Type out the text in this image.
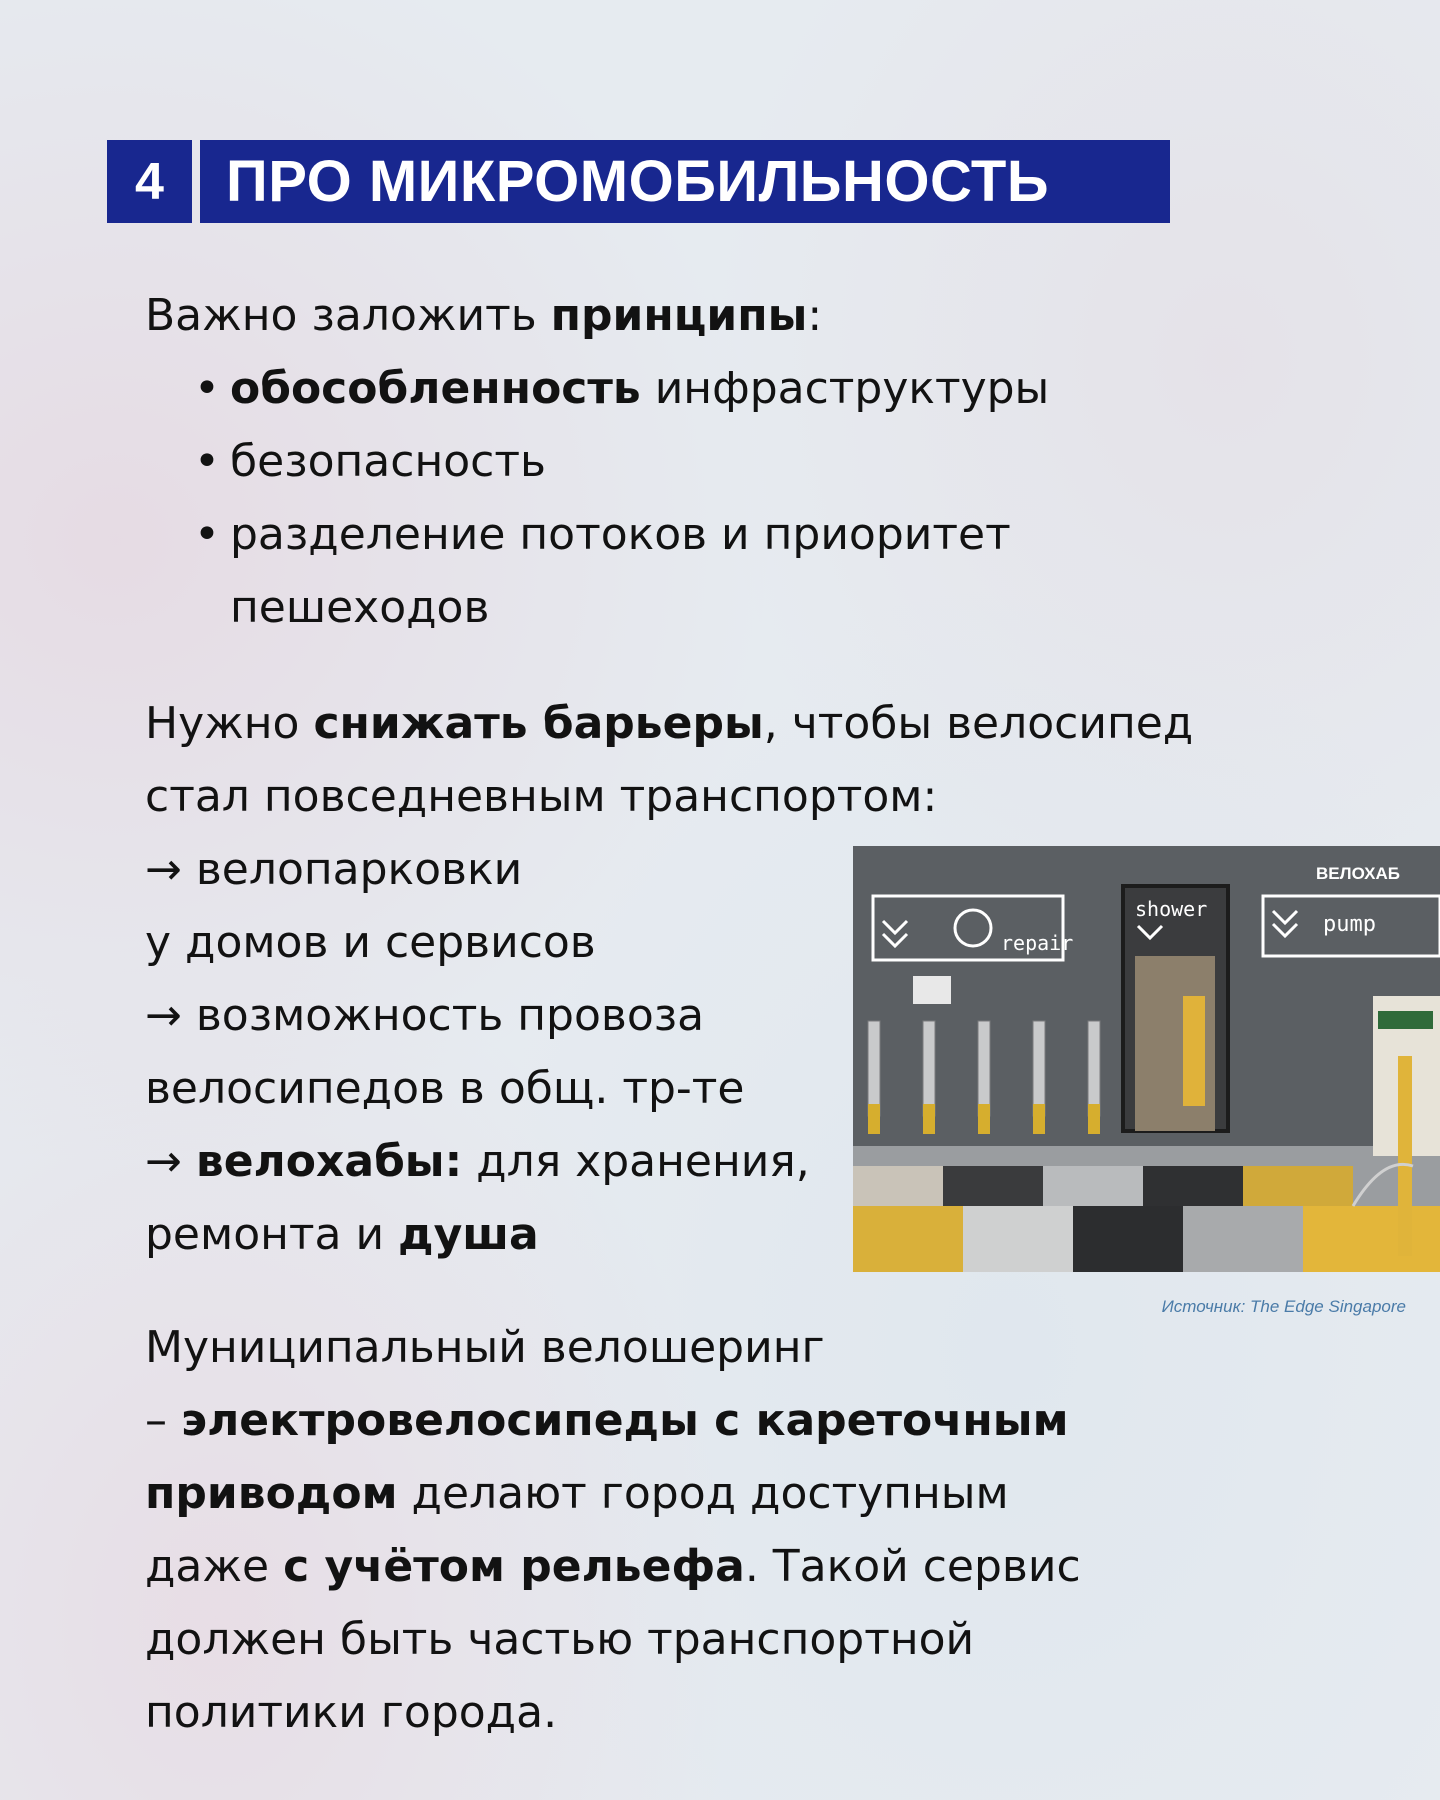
4	ПРО МИКРОМОБИЛЬНОСТЬ
Важно заложить принципы:
• обособленность инфраструктуры
• безопасность
• разделение потоков и приоритет
пешеходов
Нужно снижать барьеры, чтобы велосипед
стал повседневным транспортом:
→ велопарковки
у домов и сервисов
→ возможность провоза
велосипедов в общ. тр-те
→ велохабы: для хранения,
ремонта и душа
repair
shower
pump
ВЕЛОХАБ
Источник: The Edge Singapore
Муниципальный велошеринг
– электровелосипеды с кареточным
приводом делают город доступным
даже с учётом рельефа. Такой сервис
должен быть частью транспортной
политики города.
